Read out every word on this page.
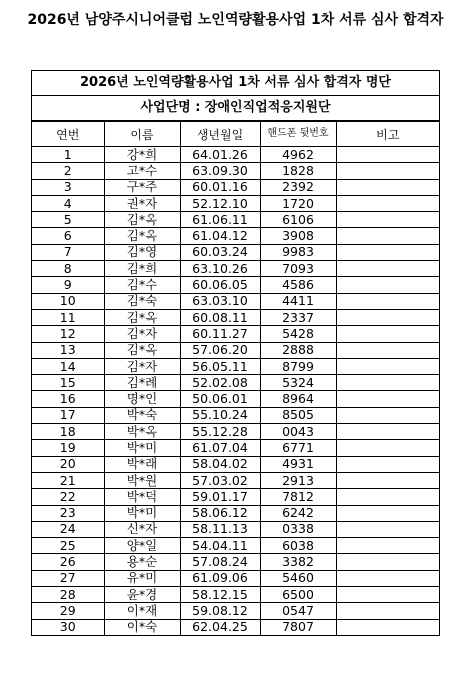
2026년 남양주시니어클럽 노인역량활용사업 1차 서류 심사 합격자
2026년 노인역량활용사업 1차 서류 심사 합격자 명단
사업단명 : 장애인직업적응지원단
연번	이름	생년월일	핸드폰 뒷번호	비고
1	강*희	64.01.26	4962	
2	고*수	63.09.30	1828	
3	구*주	60.01.16	2392	
4	권*자	52.12.10	1720	
5	김*옥	61.06.11	6106	
6	김*옥	61.04.12	3908	
7	김*영	60.03.24	9983	
8	김*희	63.10.26	7093	
9	김*수	60.06.05	4586	
10	김*숙	63.03.10	4411	
11	김*옥	60.08.11	2337	
12	김*자	60.11.27	5428	
13	김*옥	57.06.20	2888	
14	김*자	56.05.11	8799	
15	김*례	52.02.08	5324	
16	명*인	50.06.01	8964	
17	박*숙	55.10.24	8505	
18	박*옥	55.12.28	0043	
19	박*미	61.07.04	6771	
20	박*래	58.04.02	4931	
21	박*원	57.03.02	2913	
22	박*덕	59.01.17	7812	
23	박*미	58.06.12	6242	
24	신*자	58.11.13	0338	
25	양*일	54.04.11	6038	
26	용*순	57.08.24	3382	
27	유*미	61.09.06	5460	
28	윤*경	58.12.15	6500	
29	이*재	59.08.12	0547	
30	이*숙	62.04.25	7807	
